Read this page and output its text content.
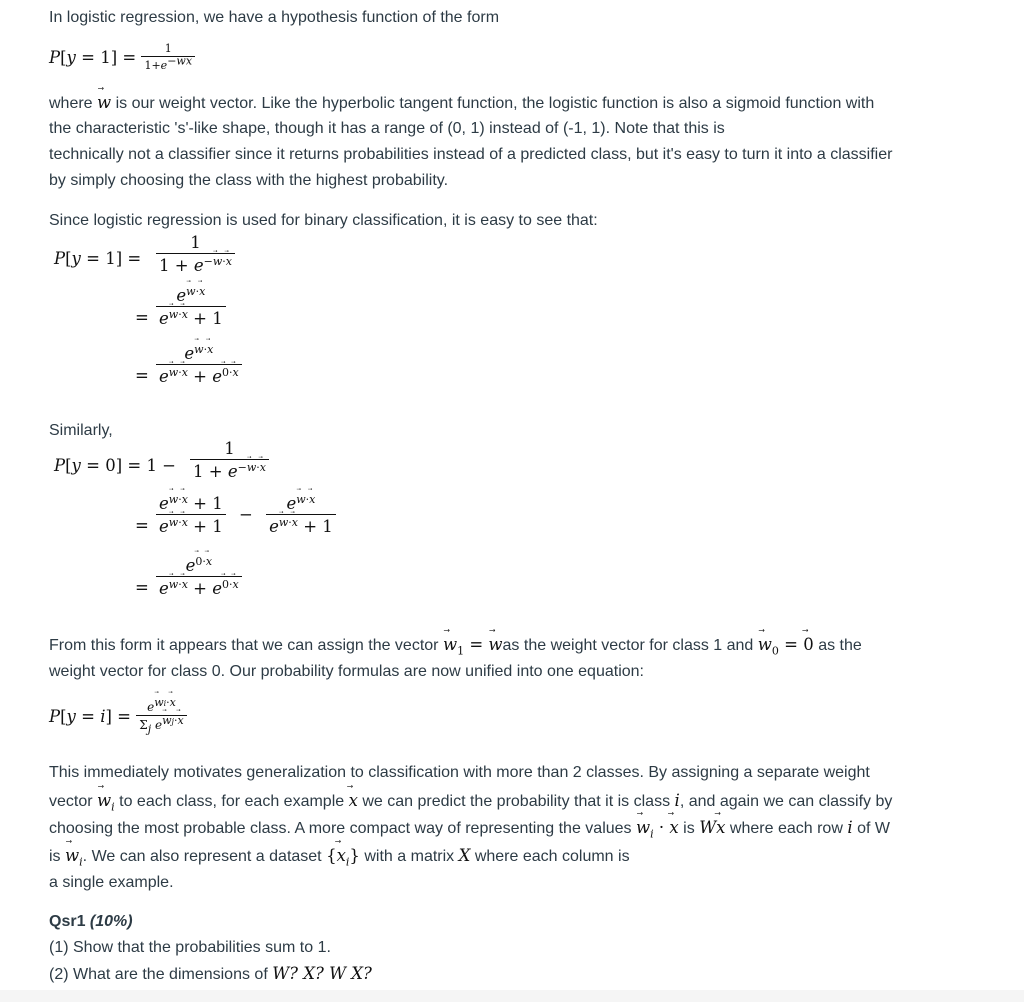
In logistic regression, we have a hypothesis function of the form
$P[y = 1] = \frac{1}{1+e-wx}$
where ⃗ w is our weight vector. Like the hyperbolic tangent function, the logistic function is also a sigmoid function with
the characteristic 's'-like shape, though it has a range of (0, 1) instead of (-1, 1). Note that this is
technically not a classifier since it returns probabilities instead of a predicted class, but it's easy to turn it into a classifier
by simply choosing the class with the highest probability.
Since logistic regression is used for binary classification, it is easy to see that:
$P[y = 1] = \frac{1}{1 + e^{-w\cdot x}}$
= $\frac{e^{w\cdot x}}{e^{w\cdot x} + 1}$
= $\frac{e^{w\cdot x}}{e^{w\cdot x} + e^{0\cdot x}}$
Similarly,
$P[y = 0] = 1 - \frac{1}{1 + e^{-w\cdot x}}$
= $\frac{e^{w\cdot x} + 1}{e^{w\cdot x} + 1} - \frac{e^{w\cdot x}}{e^{w\cdot x} + 1}$
= $\frac{e^{0\cdot x}}{e^{w\cdot x} + e^{0\cdot x}}$
From this form it appears that we can assign the vector ⃗ $w_1$ = ⃗ was the weight vector for class 1 and ⃗ $w_0$ = ⃗ 0 as the
weight vector for class 0. Our probability formulas are now unified into one equation:
$P[y = i] = \frac{\text{ewi·x}}{\text{Σj ewj·x}}$
This immediately motivates generalization to classification with more than 2 classes. By assigning a separate weight
vector ⃗ $w_i$ to each class, for each example ⃗ x we can predict the probability that it is class i, and again we can classify by
choosing the most probable class. A more compact way of representing the values ⃗ $w_i$ · ⃗ x is W⃗ x where each row i of W
is ⃗ $w_i$. We can also represent a dataset {⃗ $x_i$} with a matrix X where each column is
a single example.
Qsr1 (10%)
(1) Show that the probabilities sum to 1.
(2) What are the dimensions of W? X? W X?
